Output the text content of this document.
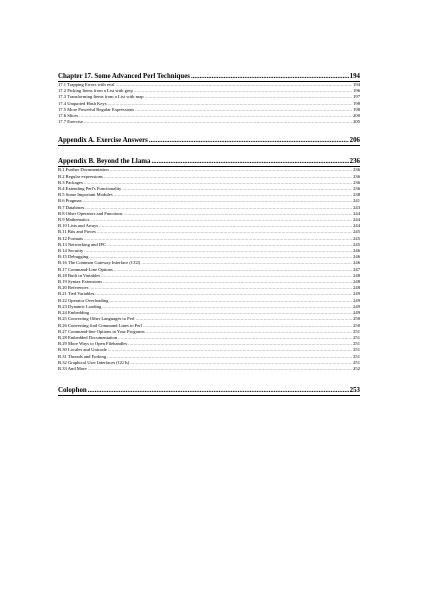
Chapter 17. Some Advanced Perl Techniques .....	194
17.1 Trapping Errors with eval .....	194
17.2 Picking Items from a List with grep .....	196
17.3 Transforming Items from a List with map .....	197
17.4 Unquoted Hash Keys .....	198
17.5 More Powerful Regular Expressions .....	198
17.6 Slices .....	200
17.7 Exercise .....	205
Appendix A. Exercise Answers .....	206
Appendix B. Beyond the Llama .....	236
B.1 Further Documentation .....	236
B.2 Regular expressions .....	236
B.3 Packages .....	236
B.4 Extending Perl's Functionality .....	236
B.5 Some Important Modules .....	238
B.6 Pragmas .....	241
B.7 Databases .....	243
B.8 Other Operators and Functions .....	244
B.9 Mathematics .....	244
B.10 Lists and Arrays .....	244
B.11 Bits and Pieces .....	245
B.12 Formats .....	245
B.13 Networking and IPC .....	245
B.14 Security .....	246
B.15 Debugging .....	246
B.16 The Common Gateway Interface (CGI) .....	246
B.17 Command-Line Options .....	247
B.18 Built in Variables .....	248
B.19 Syntax Extensions .....	248
B.20 References .....	248
B.21 Tied Variables .....	249
B.22 Operator Overloading .....	249
B.23 Dynamic Loading .....	249
B.24 Embedding .....	249
B.25 Converting Other Languages to Perl .....	250
B.26 Converting find Command Lines to Perl .....	250
B.27 Command-line Options in Your Programs .....	251
B.28 Embedded Documentation .....	251
B.29 More Ways to Open Filehandles .....	251
B.30 Locales and Unicode .....	251
B.31 Threads and Forking .....	251
B.32 Graphical User Interfaces (GUIs) .....	251
B.33 And More .....	252
Colophon .....	253
